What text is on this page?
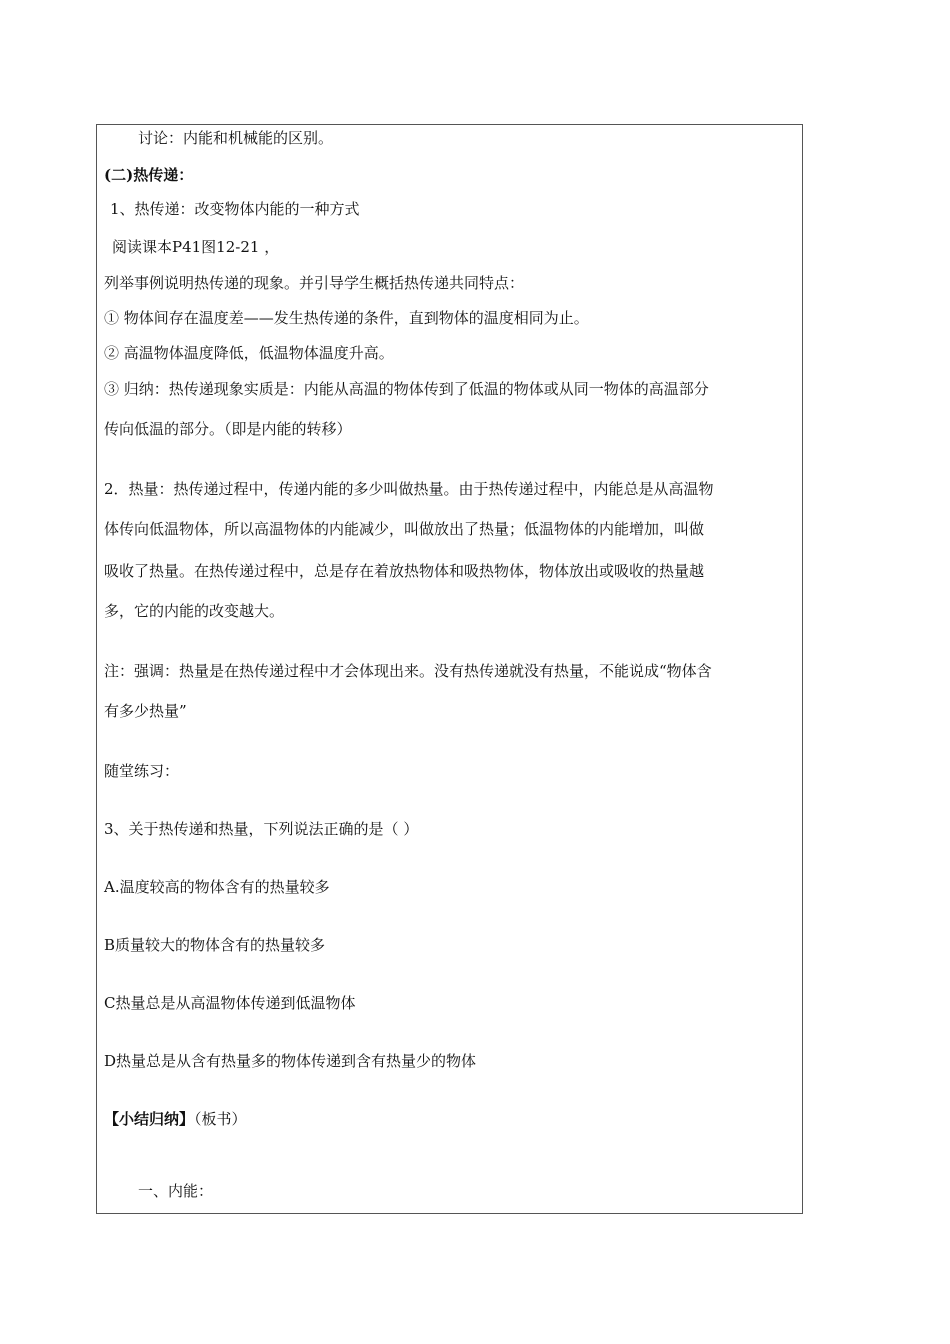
讨论：内能和机械能的区别。
(二)热传递：
1、热传递：改变物体内能的一种方式
阅读课本P41图12-21 ，
列举事例说明热传递的现象。并引导学生概括热传递共同特点：
① 物体间存在温度差——发生热传递的条件，直到物体的温度相同为止。
② 高温物体温度降低，低温物体温度升高。
③ 归纳：热传递现象实质是：内能从高温的物体传到了低温的物体或从同一物体的高温部分
传向低温的部分。（即是内能的转移）
2．热量：热传递过程中，传递内能的多少叫做热量。由于热传递过程中，内能总是从高温物
体传向低温物体，所以高温物体的内能减少，叫做放出了热量；低温物体的内能增加，叫做
吸收了热量。在热传递过程中，总是存在着放热物体和吸热物体，物体放出或吸收的热量越
多，它的内能的改变越大。
注：强调：热量是在热传递过程中才会体现出来。没有热传递就没有热量，不能说成“物体含
有多少热量”
随堂练习：
3、关于热传递和热量，下列说法正确的是（ ）
A.温度较高的物体含有的热量较多
B质量较大的物体含有的热量较多
C热量总是从高温物体传递到低温物体
D热量总是从含有热量多的物体传递到含有热量少的物体
【小结归纳】（板书）
一、内能：
